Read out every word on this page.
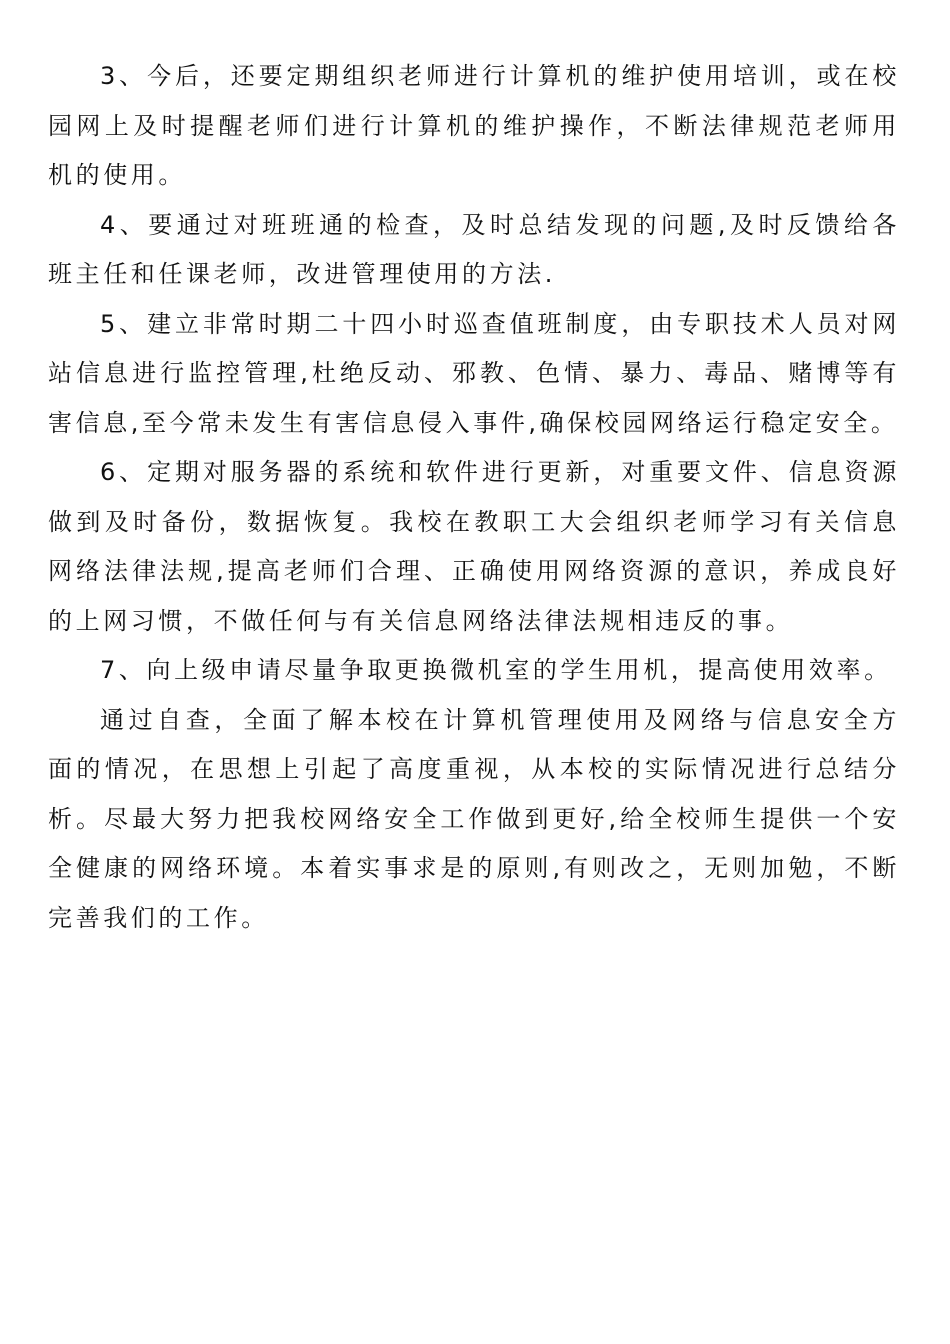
3、今后，还要定期组织老师进行计算机的维护使用培训，或在校园网上及时提醒老师们进行计算机的维护操作，不断法律规范老师用机的使用。

4、要通过对班班通的检查，及时总结发现的问题,及时反馈给各班主任和任课老师，改进管理使用的方法.

5、建立非常时期二十四小时巡查值班制度，由专职技术人员对网站信息进行监控管理,杜绝反动、邪教、色情、暴力、毒品、赌博等有害信息,至今常未发生有害信息侵入事件,确保校园网络运行稳定安全。

6、定期对服务器的系统和软件进行更新，对重要文件、信息资源做到及时备份，数据恢复。我校在教职工大会组织老师学习有关信息网络法律法规,提高老师们合理、正确使用网络资源的意识，养成良好的上网习惯，不做任何与有关信息网络法律法规相违反的事。

7、向上级申请尽量争取更换微机室的学生用机，提高使用效率。

通过自查，全面了解本校在计算机管理使用及网络与信息安全方面的情况，在思想上引起了高度重视，从本校的实际情况进行总结分析。尽最大努力把我校网络安全工作做到更好,给全校师生提供一个安全健康的网络环境。本着实事求是的原则,有则改之，无则加勉，不断完善我们的工作。
